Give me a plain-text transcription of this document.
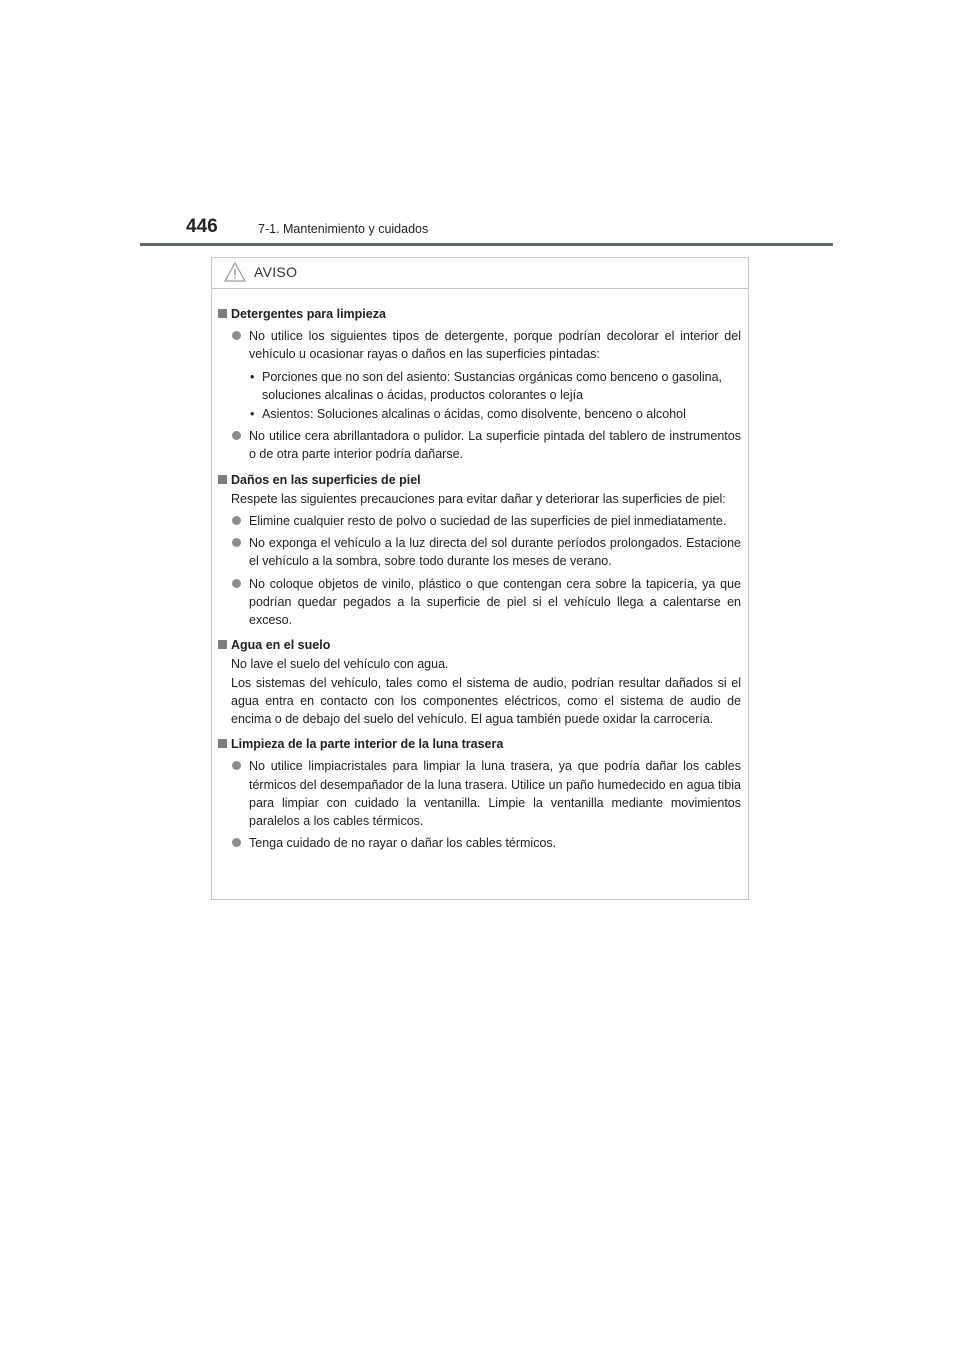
446	7-1. Mantenimiento y cuidados
AVISO
Detergentes para limpieza
No utilice los siguientes tipos de detergente, porque podrían decolorar el interior del vehículo u ocasionar rayas o daños en las superficies pintadas:
• Porciones que no son del asiento: Sustancias orgánicas como benceno o gasolina, soluciones alcalinas o ácidas, productos colorantes o lejía
• Asientos: Soluciones alcalinas o ácidas, como disolvente, benceno o alcohol
No utilice cera abrillantadora o pulidor. La superficie pintada del tablero de instrumentos o de otra parte interior podría dañarse.
Daños en las superficies de piel
Respete las siguientes precauciones para evitar dañar y deteriorar las superficies de piel:
Elimine cualquier resto de polvo o suciedad de las superficies de piel inmediatamente.
No exponga el vehículo a la luz directa del sol durante períodos prolongados. Estacione el vehículo a la sombra, sobre todo durante los meses de verano.
No coloque objetos de vinilo, plástico o que contengan cera sobre la tapicería, ya que podrían quedar pegados a la superficie de piel si el vehículo llega a calentarse en exceso.
Agua en el suelo
No lave el suelo del vehículo con agua.
Los sistemas del vehículo, tales como el sistema de audio, podrían resultar dañados si el agua entra en contacto con los componentes eléctricos, como el sistema de audio de encima o de debajo del suelo del vehículo. El agua también puede oxidar la carrocería.
Limpieza de la parte interior de la luna trasera
No utilice limpiacristales para limpiar la luna trasera, ya que podría dañar los cables térmicos del desempañador de la luna trasera. Utilice un paño humedecido en agua tibia para limpiar con cuidado la ventanilla. Limpie la ventanilla mediante movimientos paralelos a los cables térmicos.
Tenga cuidado de no rayar o dañar los cables térmicos.
